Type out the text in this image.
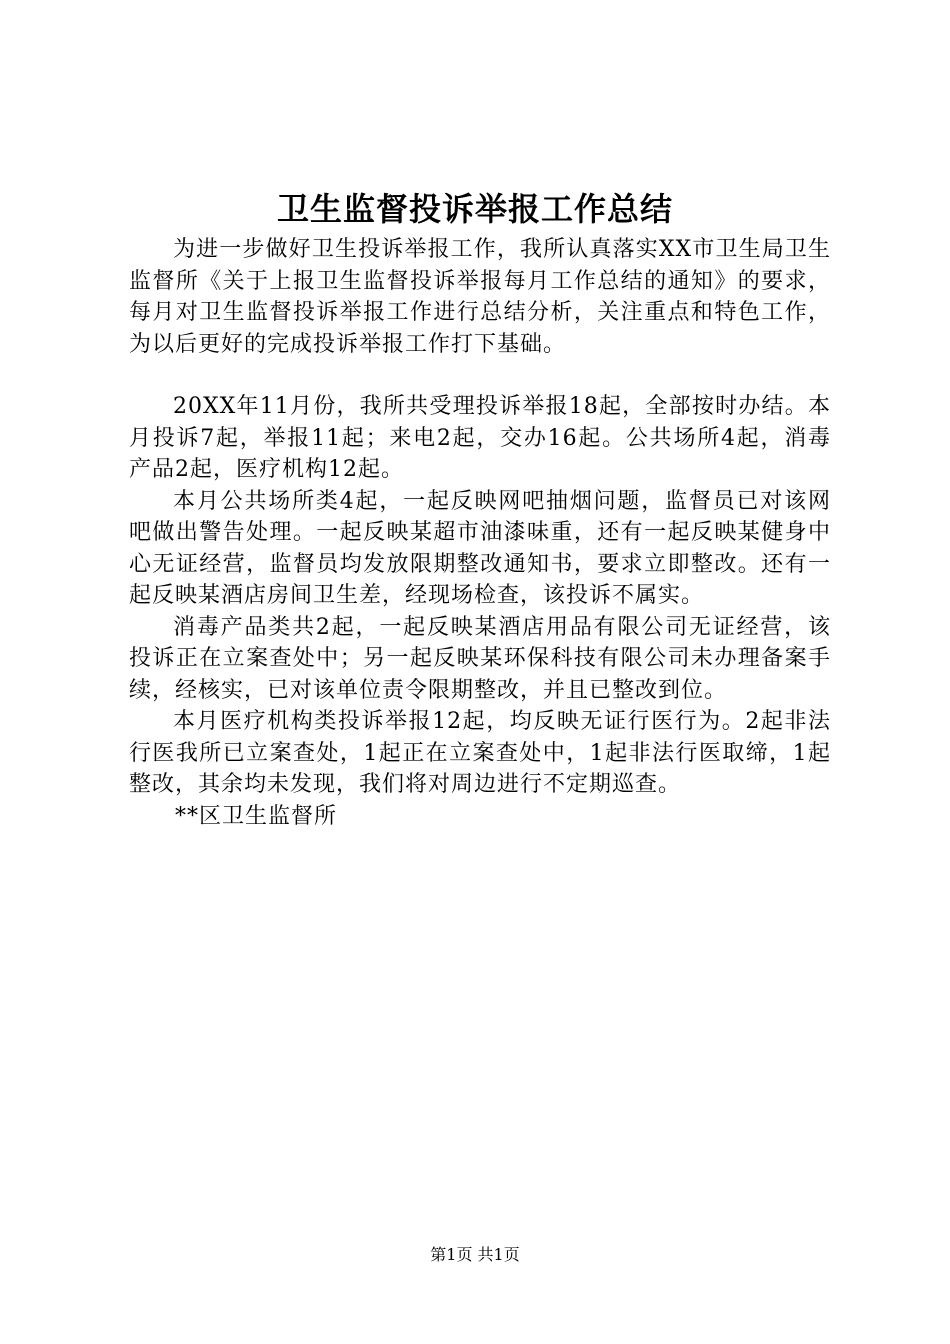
卫生监督投诉举报工作总结

为进一步做好卫生投诉举报工作，我所认真落实XX市卫生局卫生监督所《关于上报卫生监督投诉举报每月工作总结的通知》的要求，每月对卫生监督投诉举报工作进行总结分析，关注重点和特色工作，为以后更好的完成投诉举报工作打下基础。

20XX年11月份，我所共受理投诉举报18起，全部按时办结。本月投诉7起，举报11起；来电2起，交办16起。公共场所4起，消毒产品2起，医疗机构12起。

本月公共场所类4起，一起反映网吧抽烟问题，监督员已对该网吧做出警告处理。一起反映某超市油漆味重，还有一起反映某健身中心无证经营，监督员均发放限期整改通知书，要求立即整改。还有一起反映某酒店房间卫生差，经现场检查，该投诉不属实。

消毒产品类共2起，一起反映某酒店用品有限公司无证经营，该投诉正在立案查处中；另一起反映某环保科技有限公司未办理备案手续，经核实，已对该单位责令限期整改，并且已整改到位。

本月医疗机构类投诉举报12起，均反映无证行医行为。2起非法行医我所已立案查处，1起正在立案查处中，1起非法行医取缔，1起整改，其余均未发现，我们将对周边进行不定期巡查。

**区卫生监督所

第1页 共1页
